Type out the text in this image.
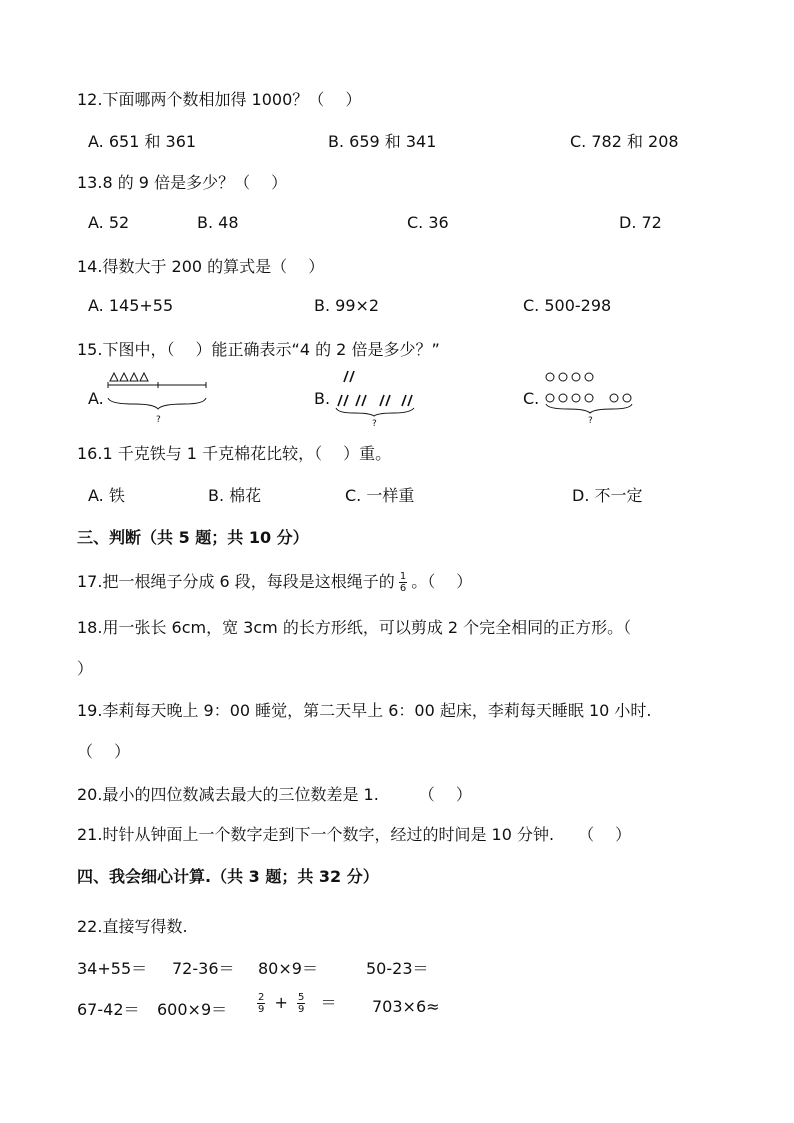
12.下面哪两个数相加得 1000？（　 ）
A. 651 和 361	B. 659 和 341	C. 782 和 208
13.8 的 9 倍是多少？（　 ）
A. 52	B. 48	C. 36	D. 72
14.得数大于 200 的算式是（　 ）
A. 145+55	B. 99×2	C. 500-298
15.下图中，（　 ）能正确表示“4 的 2 倍是多少？”
A.	B.	C.
?	?	?
16.1 千克铁与 1 千克棉花比较，（　 ）重。
A. 铁	B. 棉花	C. 一样重	D. 不一定
三、判断（共 5 题；共 10 分）
17.把一根绳子分成 6 段，每段是这根绳子的 $\frac{1}{6}$ 。（　 ）
18.用一张长 6cm，宽 3cm 的长方形纸，可以剪成 2 个完全相同的正方形。（
）
19.李莉每天晚上 9：00 睡觉，第二天早上 6：00 起床，李莉每天睡眠 10 小时.
（　 ）
20.最小的四位数减去最大的三位数差是 1.　　　（　 ）
21.时针从钟面上一个数字走到下一个数字，经过的时间是 10 分钟.　　（　 ）
四、我会细心计算.（共 3 题；共 32 分）
22.直接写得数.
34+55＝ 72-36＝ 80×9＝	50-23＝
67-42＝ 600×9＝	$\frac{2}{9} + \frac{5}{9} = 703\times 6\approx$
